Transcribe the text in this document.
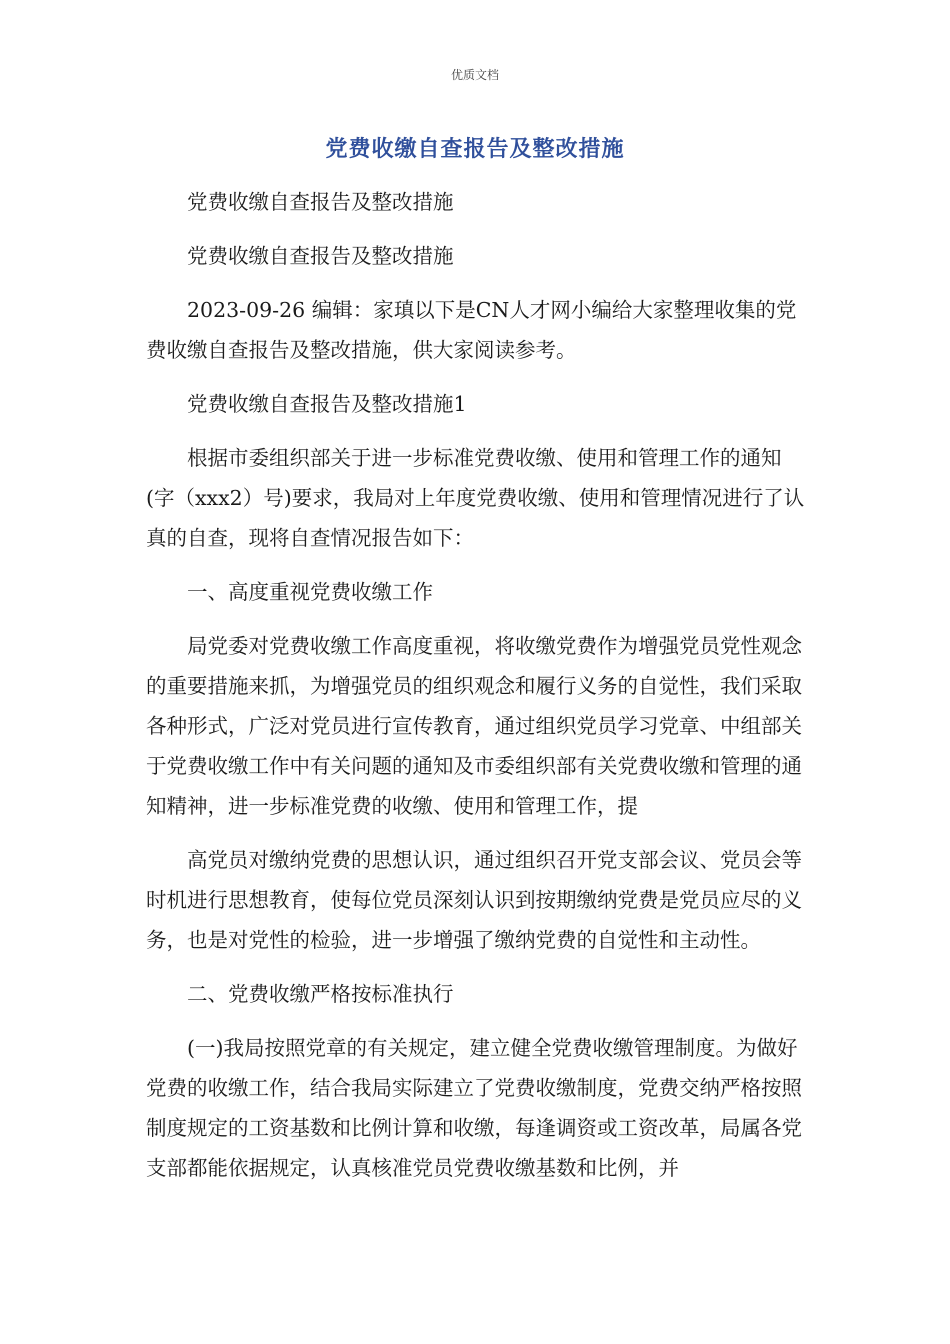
优质文档
党费收缴自查报告及整改措施

党费收缴自查报告及整改措施

党费收缴自查报告及整改措施

2023-09-26 编辑：家瑱以下是CN人才网小编给大家整理收集的党费收缴自查报告及整改措施，供大家阅读参考。

党费收缴自查报告及整改措施1

根据市委组织部关于进一步标准党费收缴、使用和管理工作的通知(字（xxx2）号)要求，我局对上年度党费收缴、使用和管理情况进行了认真的自查，现将自查情况报告如下：

一、高度重视党费收缴工作

局党委对党费收缴工作高度重视，将收缴党费作为增强党员党性观念的重要措施来抓，为增强党员的组织观念和履行义务的自觉性，我们采取各种形式，广泛对党员进行宣传教育，通过组织党员学习党章、中组部关于党费收缴工作中有关问题的通知及市委组织部有关党费收缴和管理的通知精神，进一步标准党费的收缴、使用和管理工作，提

高党员对缴纳党费的思想认识，通过组织召开党支部会议、党员会等时机进行思想教育，使每位党员深刻认识到按期缴纳党费是党员应尽的义务，也是对党性的检验，进一步增强了缴纳党费的自觉性和主动性。

二、党费收缴严格按标准执行

(一)我局按照党章的有关规定，建立健全党费收缴管理制度。为做好党费的收缴工作，结合我局实际建立了党费收缴制度，党费交纳严格按照制度规定的工资基数和比例计算和收缴，每逢调资或工资改革，局属各党支部都能依据规定，认真核准党员党费收缴基数和比例，并
